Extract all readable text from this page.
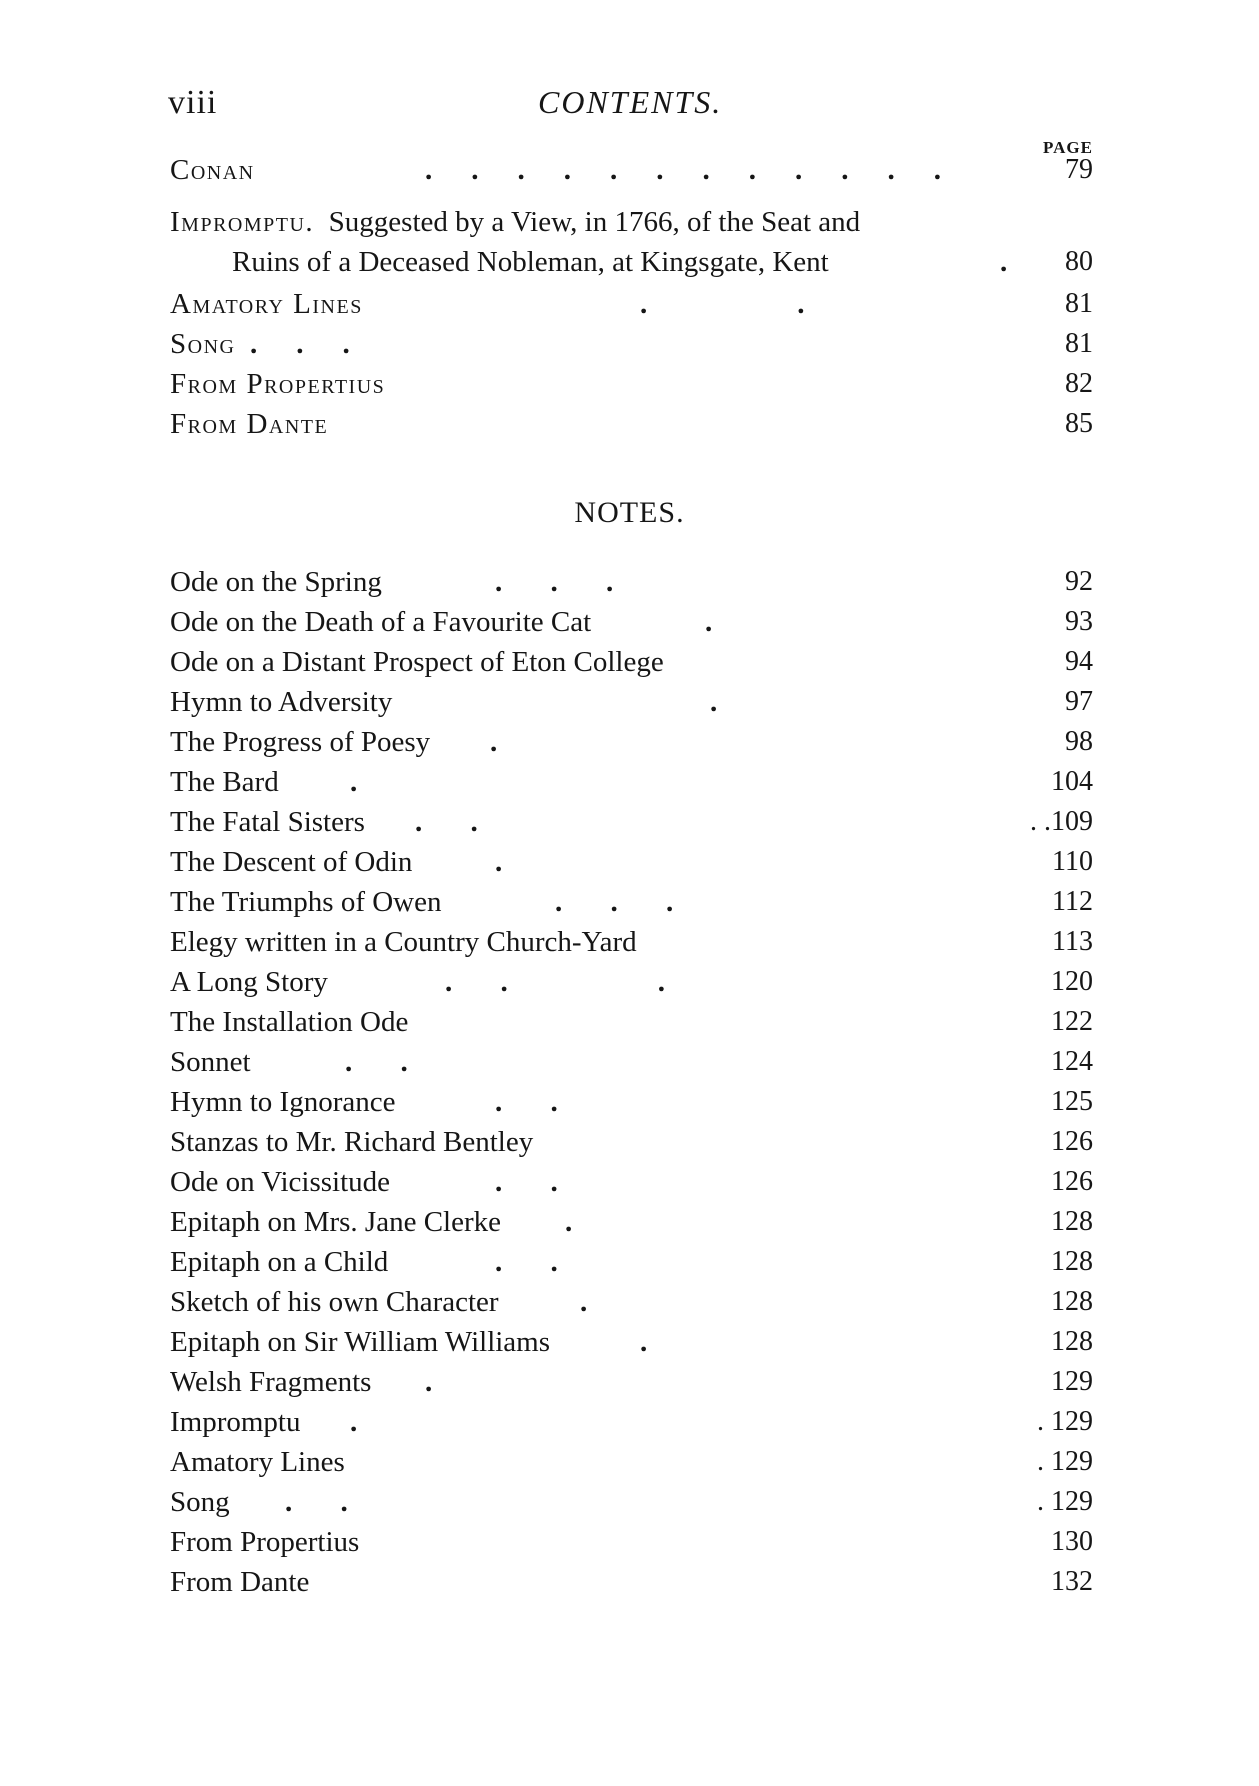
viii	CONTENTS.
PAGE
Conan	.    .    .    .    .    .    .    .    .    .    .    .	79
Impromptu. Suggested by a View, in 1766, of the Seat and
Ruins of a Deceased Nobleman, at Kingsgate, Kent	. 80
Amatory Lines	.                .	81
Song .    .    .	81
From Propertius	82
From Dante	85
NOTES.
Ode on the Spring	.     .     .	92
Ode on the Death of a Favourite Cat	.	93
Ode on a Distant Prospect of Eton College	94
Hymn to Adversity	.	97
The Progress of Poesy .	98
The Bard .	104
The Fatal Sisters .     .	. .109
The Descent of Odin	.	110
The Triumphs of Owen	.     .     .	112
Elegy written in a Country Church-Yard	113
A Long Story	.     .                .	120
The Installation Ode	122
Sonnet	.     .	124
Hymn to Ignorance	.     .	125
Stanzas to Mr. Richard Bentley	126
Ode on Vicissitude	.     .	126
Epitaph on Mrs. Jane Clerke .	128
Epitaph on a Child	.     .	128
Sketch of his own Character	.	128
Epitaph on Sir William Williams	.	128
Welsh Fragments .	129
Impromptu .	. 129
Amatory Lines	. 129
Song .     .	. 129
From Propertius	130
From Dante	132
